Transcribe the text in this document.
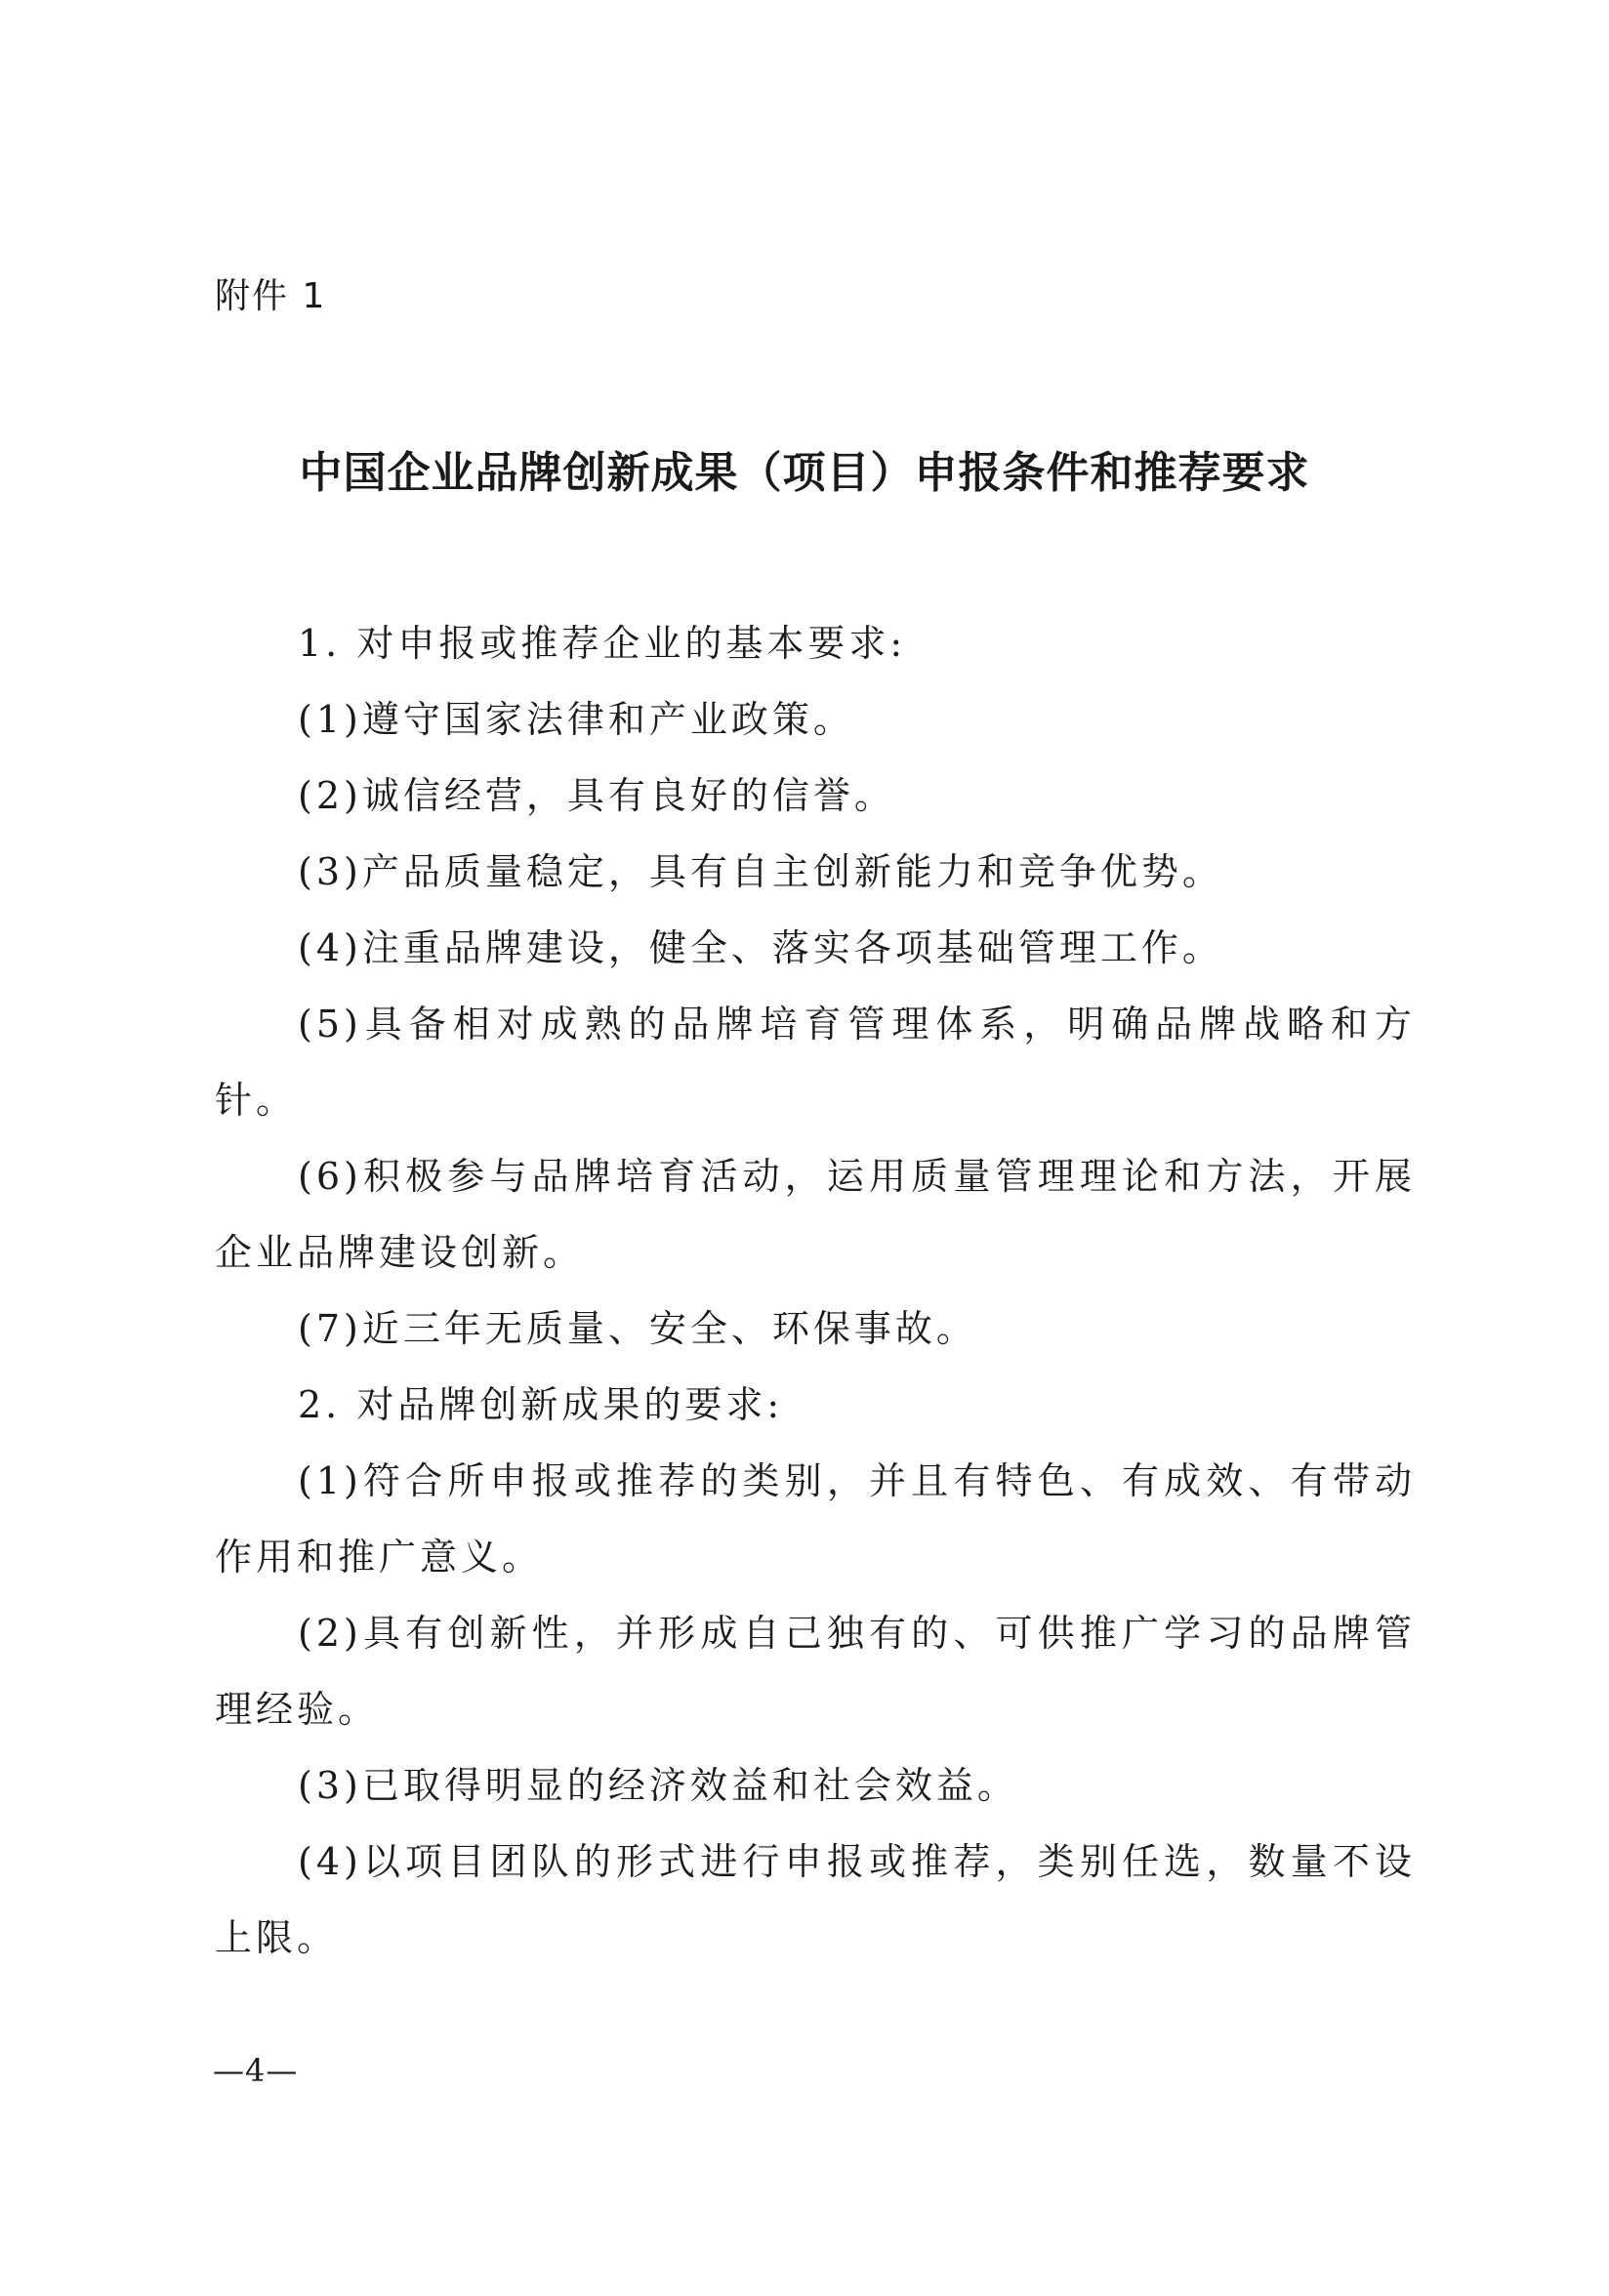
附件 1
中国企业品牌创新成果（项目）申报条件和推荐要求

1. 对申报或推荐企业的基本要求:

(1)遵守国家法律和产业政策。

(2)诚信经营，具有良好的信誉。

(3)产品质量稳定，具有自主创新能力和竞争优势。

(4)注重品牌建设，健全、落实各项基础管理工作。

(5)具备相对成熟的品牌培育管理体系，明确品牌战略和方针。

(6)积极参与品牌培育活动，运用质量管理理论和方法，开展企业品牌建设创新。

(7)近三年无质量、安全、环保事故。

2. 对品牌创新成果的要求:

(1)符合所申报或推荐的类别，并且有特色、有成效、有带动作用和推广意义。

(2)具有创新性，并形成自己独有的、可供推广学习的品牌管理经验。

(3)已取得明显的经济效益和社会效益。

(4)以项目团队的形式进行申报或推荐，类别任选，数量不设上限。

—4—
